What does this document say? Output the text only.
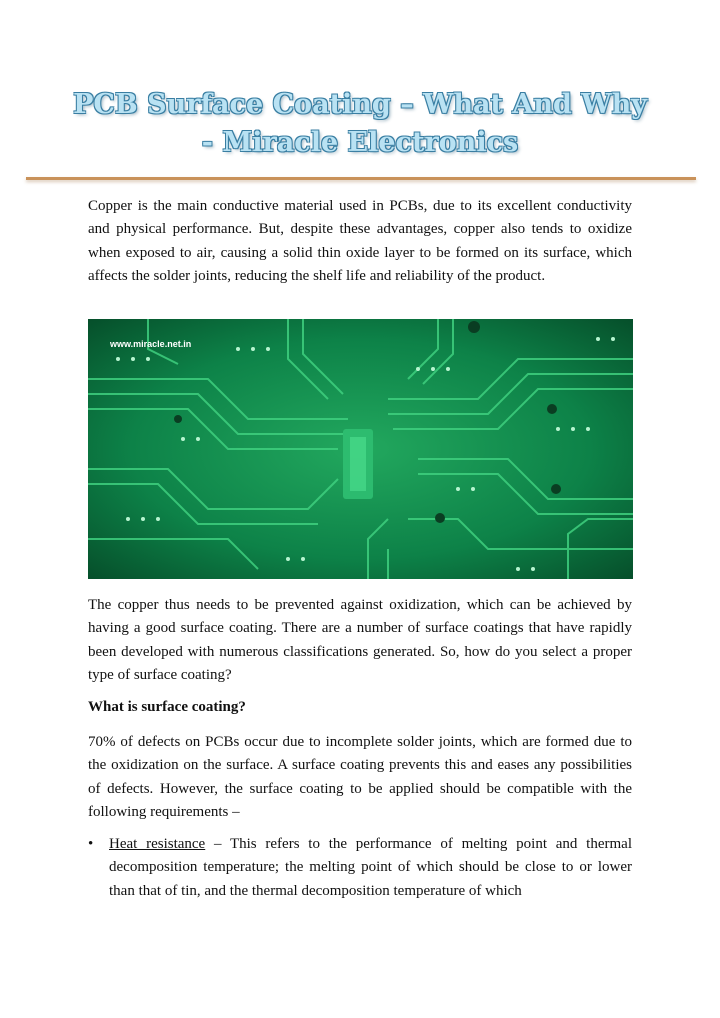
PCB Surface Coating – What And Why
- Miracle Electronics

Copper is the main conductive material used in PCBs, due to its excellent conductivity and physical performance. But, despite these advantages, copper also tends to oxidize when exposed to air, causing a solid thin oxide layer to be formed on its surface, which affects the solder joints, reducing the shelf life and reliability of the product.

www.miracle.net.in

The copper thus needs to be prevented against oxidization, which can be achieved by having a good surface coating. There are a number of surface coatings that have rapidly been developed with numerous classifications generated. So, how do you select a proper type of surface coating?

What is surface coating?

70% of defects on PCBs occur due to incomplete solder joints, which are formed due to the oxidization on the surface. A surface coating prevents this and eases any possibilities of defects. However, the surface coating to be applied should be compatible with the following requirements –

•	Heat resistance – This refers to the performance of melting point and thermal decomposition temperature; the melting point of which should be close to or lower than that of tin, and the thermal decomposition temperature of which
